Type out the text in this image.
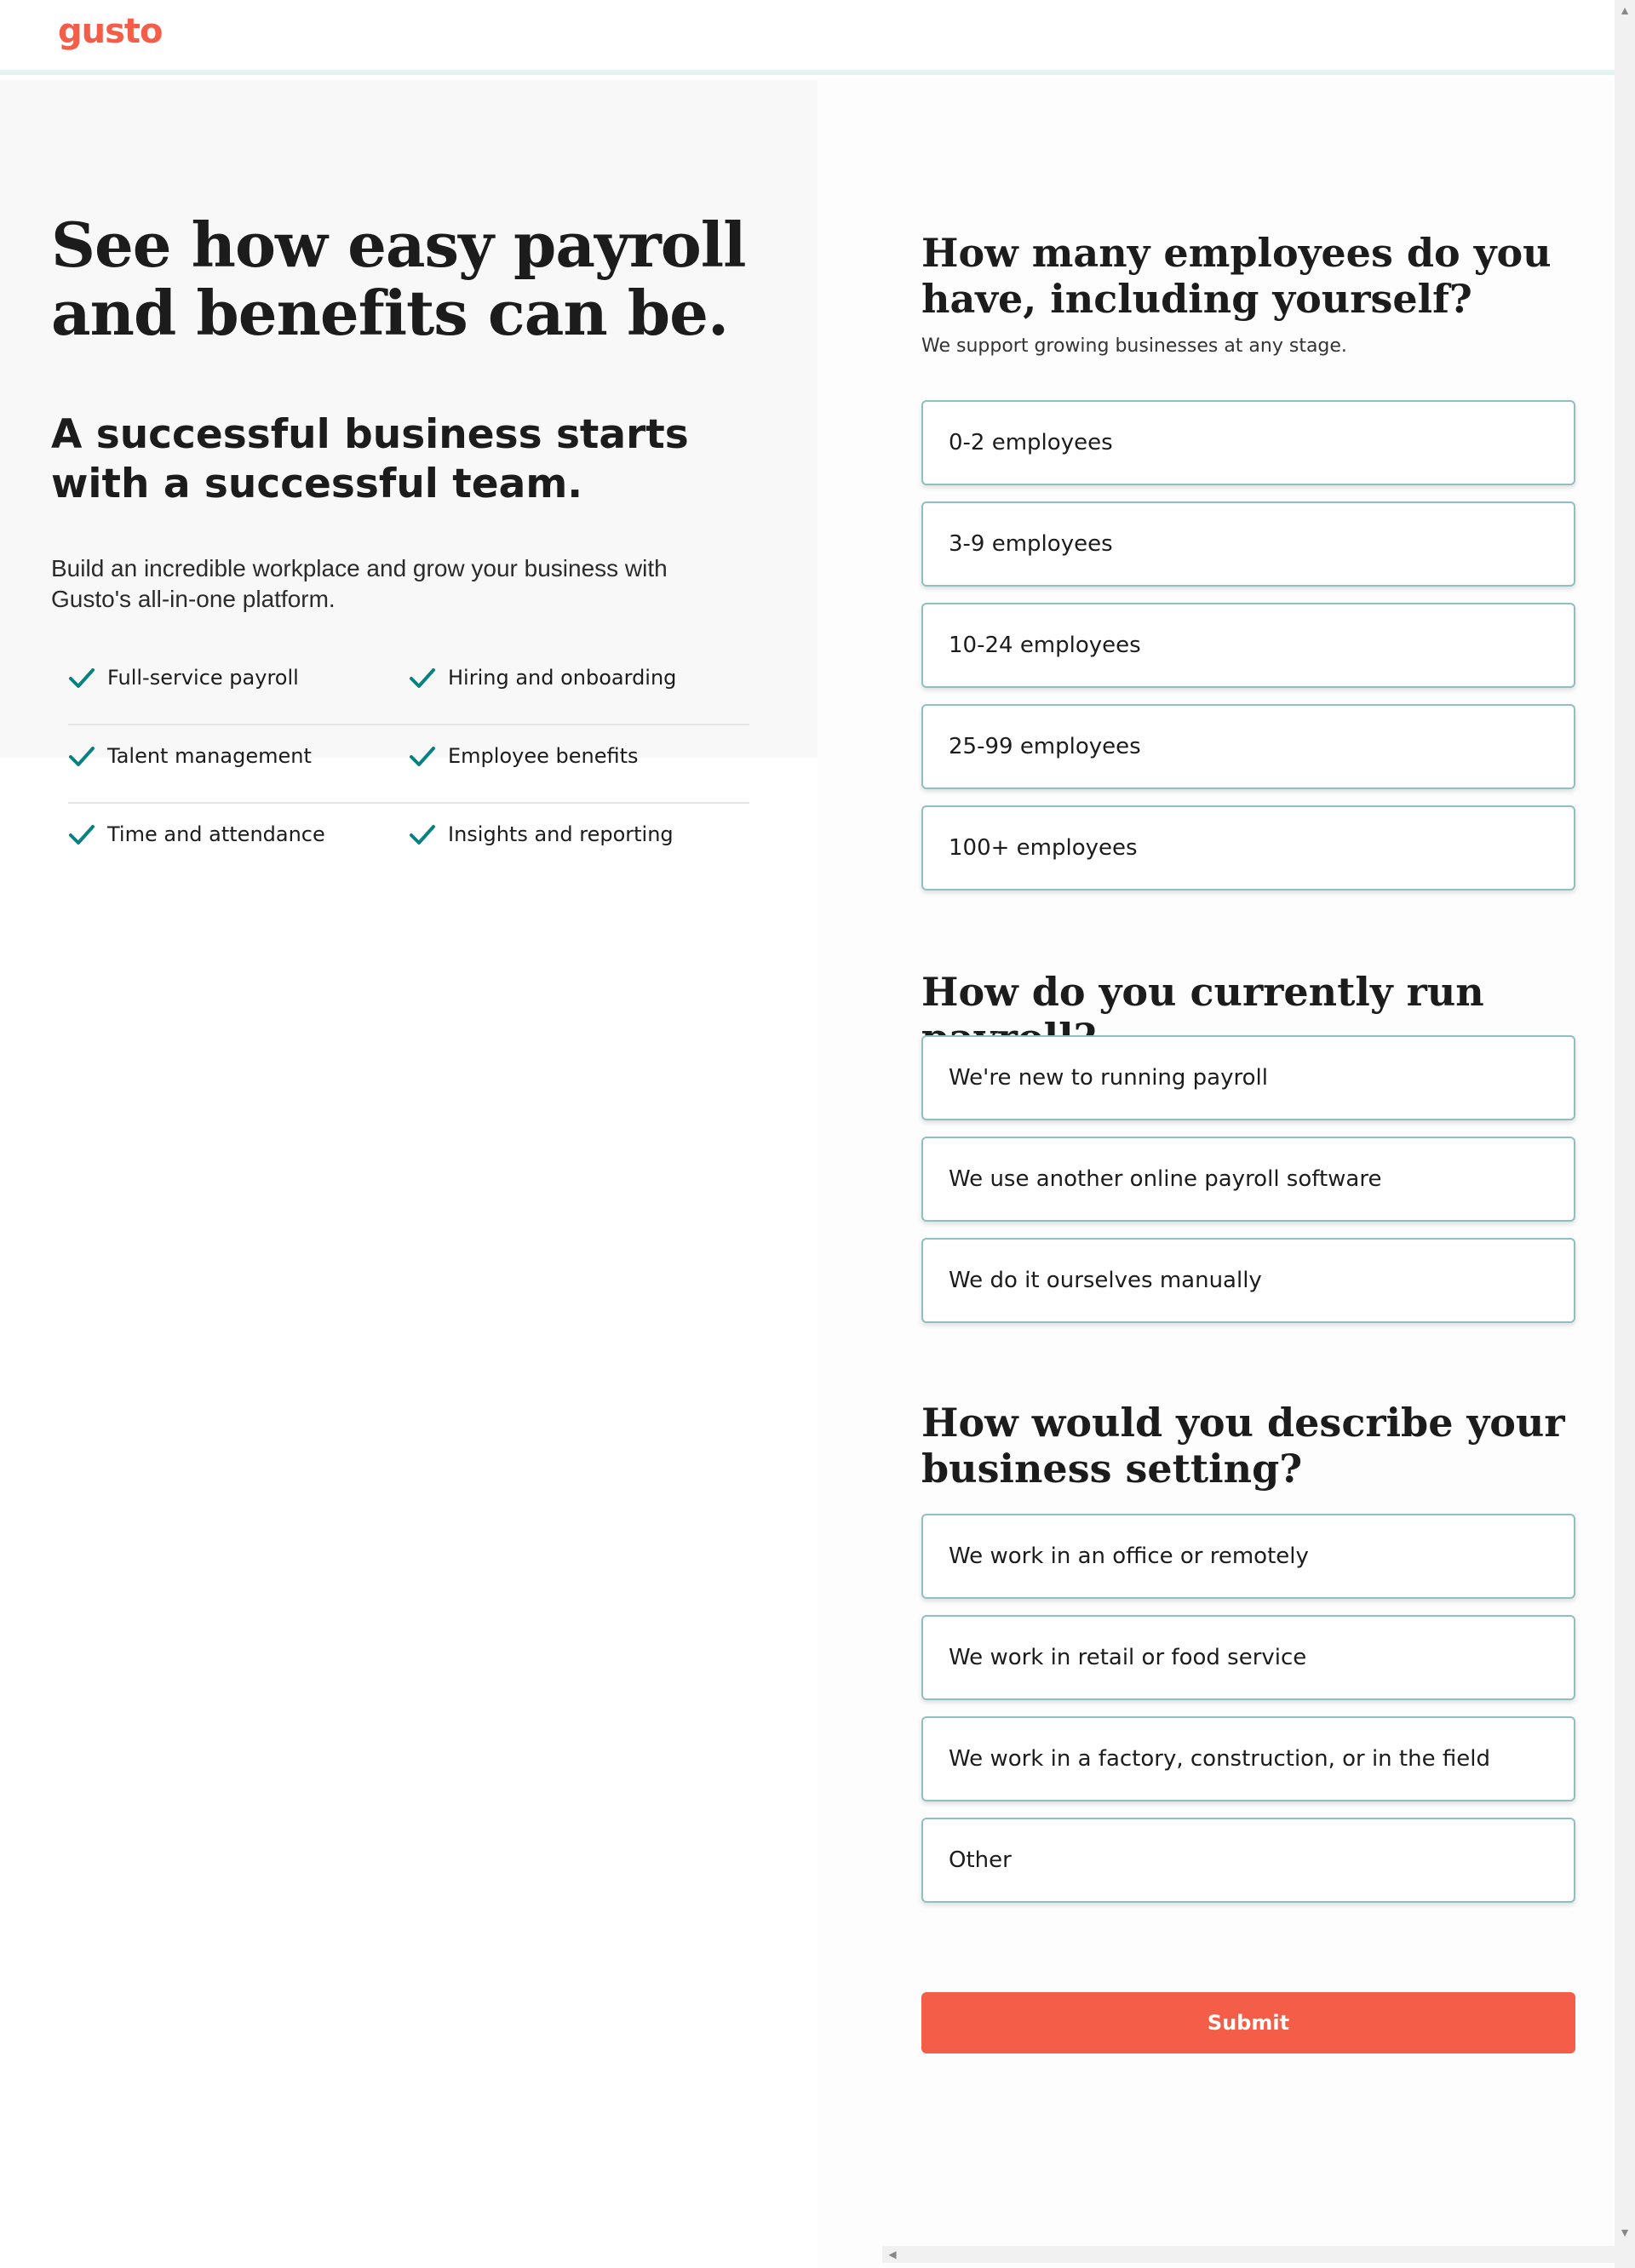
gusto
See how easy payroll and benefits can be.
A successful business starts with a successful team.

Build an incredible workplace and grow your business with Gusto's all-in-one platform.

Full-service payroll	Hiring and onboarding
Talent management	Employee benefits
Time and attendance	Insights and reporting
How many employees do you have, including yourself?

We support growing businesses at any stage.

0-2 employees
3-9 employees
10-24 employees
25-99 employees
100+ employees
How do you currently run
We're new to running payroll
We use another online payroll software
We do it ourselves manually
How would you describe your business setting?
We work in an office or remotely
We work in retail or food service
We work in a factory, construction, or in the field
Other
Submit
▲
▼
◀
